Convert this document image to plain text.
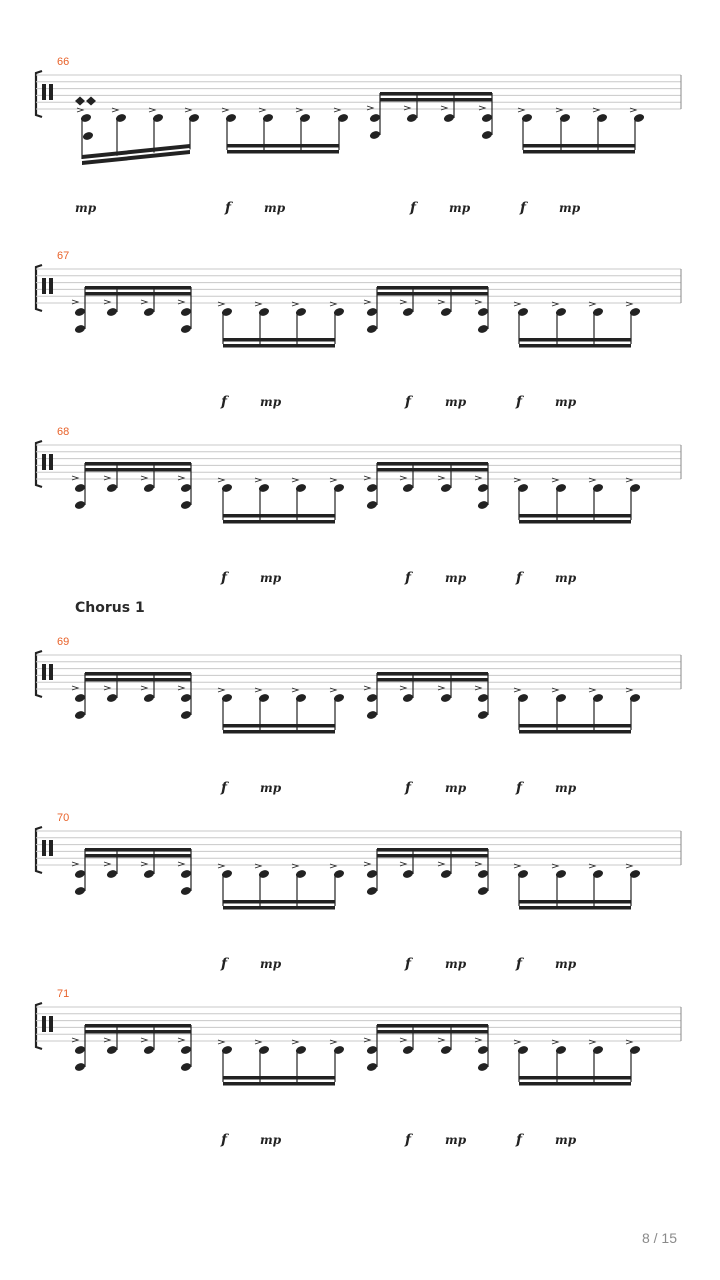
66
mp	f	mp	f	mp	f	mp
67
f	mp	f	mp	f	mp
68
f	mp	f	mp	f	mp
69
f	mp	f	mp	f	mp
70
f	mp	f	mp	f	mp
71
f	mp	f	mp	f	mp
Chorus 1
8 / 15
